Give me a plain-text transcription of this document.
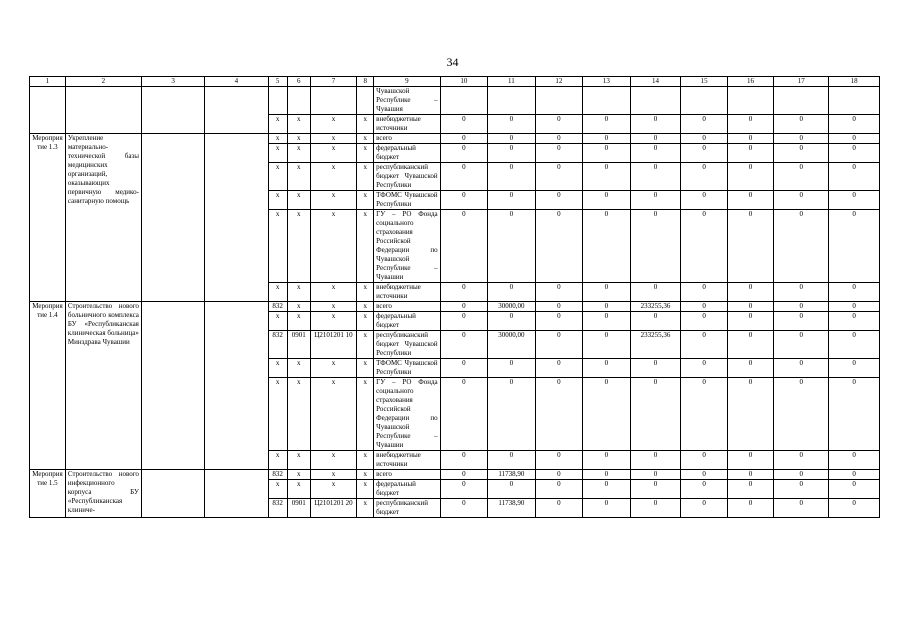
34
1	2	3	4	5	6	7	8	9	10	11	12	13	14	15	16	17	18
								Чувашской Республике – Чувашия									
				х	х	х	х	внебюджетные источники	0	0	0	0	0	0	0	0	0
Мероприятие 1.3	Укрепление материально-технической базы медицинских организаций, оказывающих первичную медико-санитарную помощь			х	х	х	х	всего	0	0	0	0	0	0	0	0	0
				х	х	х	х	федеральный бюджет	0	0	0	0	0	0	0	0	0
				х	х	х	х	республиканский бюджет Чувашской Республики	0	0	0	0	0	0	0	0	0
				х	х	х	х	ТФОМС Чувашской Республики	0	0	0	0	0	0	0	0	0
				х	х	х	х	ГУ – РО Фонда социального страхования Российской Федерации по Чувашской Республике – Чувашии	0	0	0	0	0	0	0	0	0
				х	х	х	х	внебюджетные источники	0	0	0	0	0	0	0	0	0
Мероприятие 1.4	Строительство нового больничного комплекса БУ «Республиканская клиническая больница» Минздрава Чувашии			832	х	х	х	всего	0	30000,00	0	0	233255,36	0	0	0	0
				х	х	х	х	федеральный бюджет	0	0	0	0	0	0	0	0	0
				832	0901	Ц2101201 10	х	республиканский бюджет Чувашской Республики	0	30000,00	0	0	233255,36	0	0	0	0
				х	х	х	х	ТФОМС Чувашской Республики	0	0	0	0	0	0	0	0	0
				х	х	х	х	ГУ – РО Фонда социального страхования Российской Федерации по Чувашской Республике – Чувашии	0	0	0	0	0	0	0	0	0
				х	х	х	х	внебюджетные источники	0	0	0	0	0	0	0	0	0
Мероприятие 1.5	Строительство нового инфекционного корпуса БУ «Республиканская клиниче-			832	х	х	х	всего	0	11738,90	0	0	0	0	0	0	0
				х	х	х	х	федеральный бюджет	0	0	0	0	0	0	0	0	0
				832	0901	Ц2101201 20	х	республиканский бюджет	0	11738,90	0	0	0	0	0	0	0
